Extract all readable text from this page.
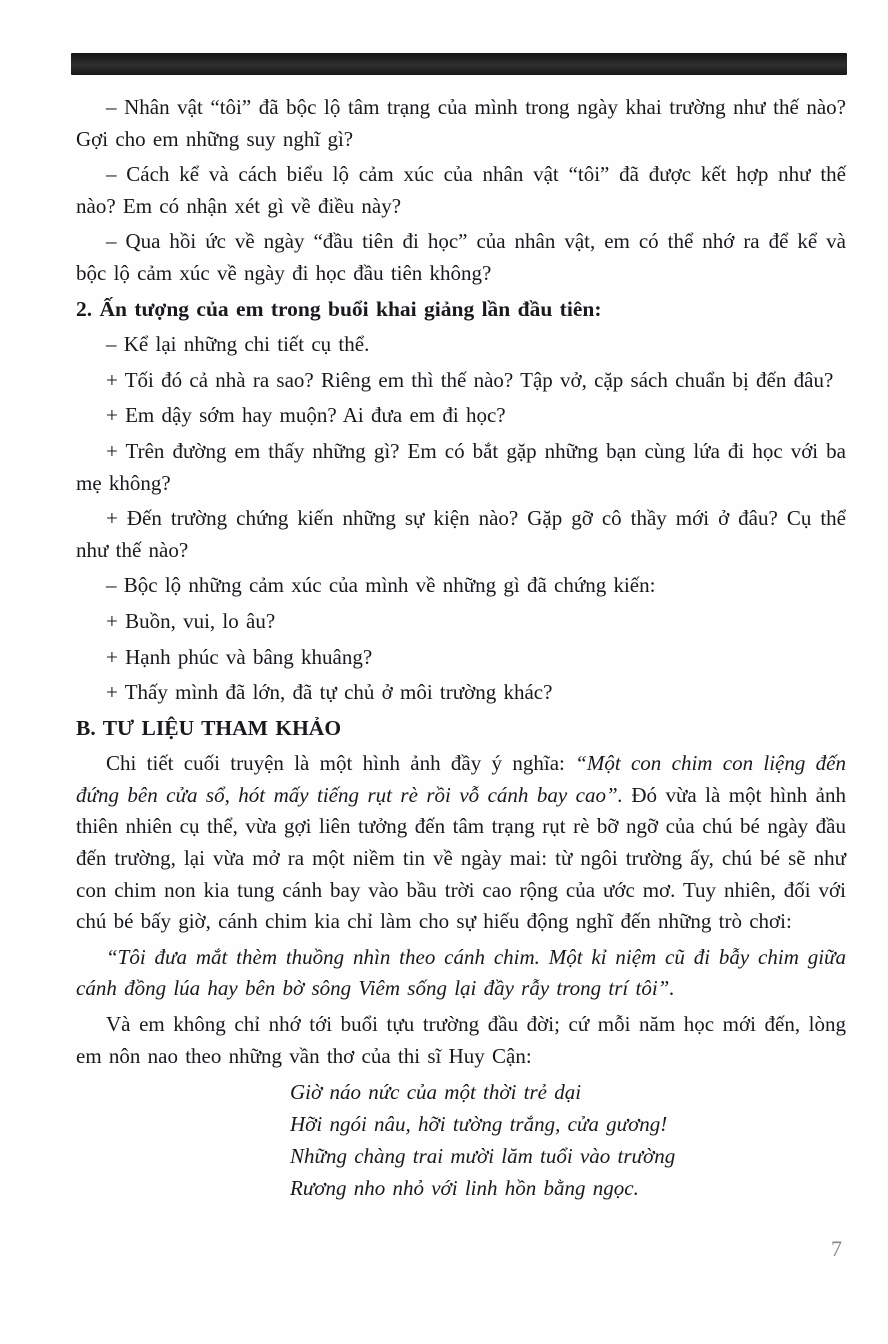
– Nhân vật “tôi” đã bộc lộ tâm trạng của mình trong ngày khai trường như thế nào? Gợi cho em những suy nghĩ gì?

– Cách kể và cách biểu lộ cảm xúc của nhân vật “tôi” đã được kết hợp như thế nào? Em có nhận xét gì về điều này?

– Qua hồi ức về ngày “đầu tiên đi học” của nhân vật, em có thể nhớ ra để kể và bộc lộ cảm xúc về ngày đi học đầu tiên không?

2. Ấn tượng của em trong buổi khai giảng lần đầu tiên:

– Kể lại những chi tiết cụ thể.

+ Tối đó cả nhà ra sao? Riêng em thì thế nào? Tập vở, cặp sách chuẩn bị đến đâu?

+ Em dậy sớm hay muộn? Ai đưa em đi học?

+ Trên đường em thấy những gì? Em có bắt gặp những bạn cùng lứa đi học với ba mẹ không?

+ Đến trường chứng kiến những sự kiện nào? Gặp gỡ cô thầy mới ở đâu? Cụ thể như thế nào?

– Bộc lộ những cảm xúc của mình về những gì đã chứng kiến:

+ Buồn, vui, lo âu?

+ Hạnh phúc và bâng khuâng?

+ Thấy mình đã lớn, đã tự chủ ở môi trường khác?

B. TƯ LIỆU THAM KHẢO

Chi tiết cuối truyện là một hình ảnh đầy ý nghĩa: “Một con chim con liệng đến đứng bên cửa sổ, hót mấy tiếng rụt rè rồi vỗ cánh bay cao”. Đó vừa là một hình ảnh thiên nhiên cụ thể, vừa gợi liên tưởng đến tâm trạng rụt rè bỡ ngỡ của chú bé ngày đầu đến trường, lại vừa mở ra một niềm tin về ngày mai: từ ngôi trường ấy, chú bé sẽ như con chim non kia tung cánh bay vào bầu trời cao rộng của ước mơ. Tuy nhiên, đối với chú bé bấy giờ, cánh chim kia chỉ làm cho sự hiếu động nghĩ đến những trò chơi:

“Tôi đưa mắt thèm thuồng nhìn theo cánh chim. Một kỉ niệm cũ đi bẫy chim giữa cánh đồng lúa hay bên bờ sông Viêm sống lại đầy rẫy trong trí tôi”.

Và em không chỉ nhớ tới buổi tựu trường đầu đời; cứ mỗi năm học mới đến, lòng em nôn nao theo những vần thơ của thi sĩ Huy Cận:

Giờ náo nức của một thời trẻ dại
Hỡi ngói nâu, hỡi tường trắng, cửa gương!
Những chàng trai mười lăm tuổi vào trường
Rương nho nhỏ với linh hồn bằng ngọc.
7
